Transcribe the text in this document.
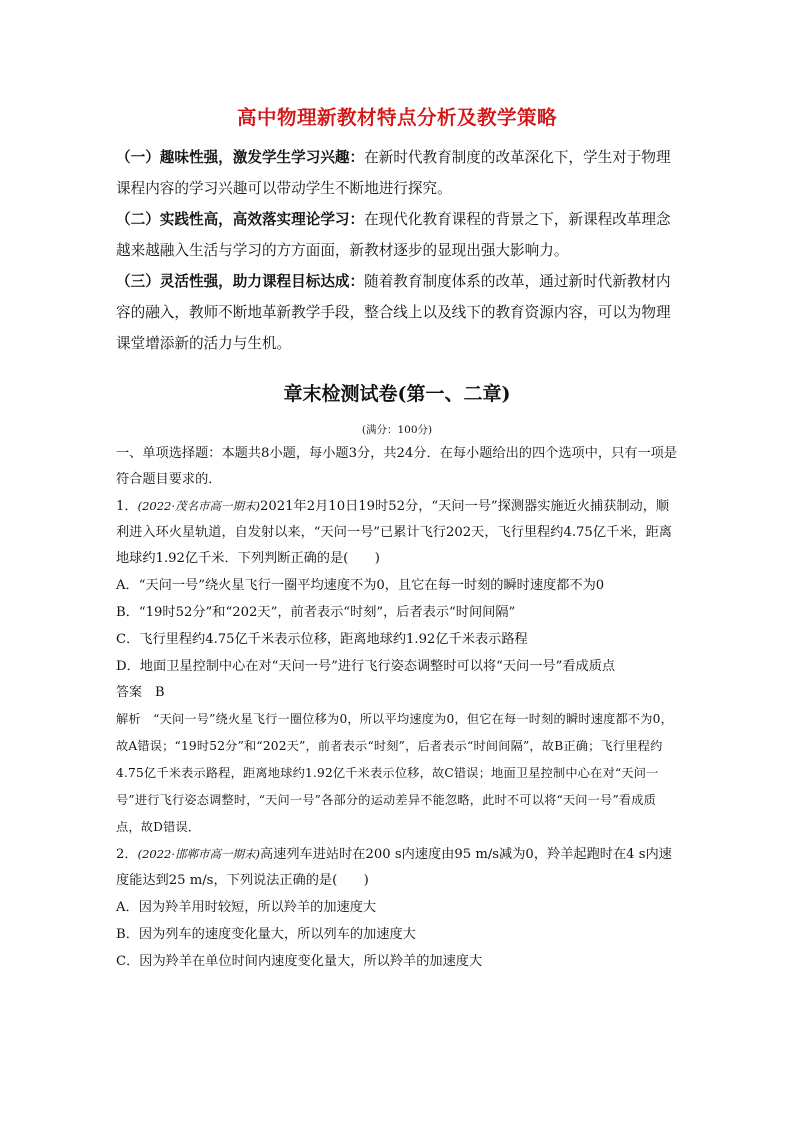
高中物理新教材特点分析及教学策略

（一）趣味性强，激发学生学习兴趣：在新时代教育制度的改革深化下，学生对于物理课程内容的学习兴趣可以带动学生不断地进行探究。

（二）实践性高，高效落实理论学习：在现代化教育课程的背景之下，新课程改革理念越来越融入生活与学习的方方面面，新教材逐步的显现出强大影响力。

（三）灵活性强，助力课程目标达成：随着教育制度体系的改革，通过新时代新教材内容的融入，教师不断地革新教学手段，整合线上以及线下的教育资源内容，可以为物理课堂增添新的活力与生机。

章末检测试卷(第一、二章)

(满分：100分)

一、单项选择题：本题共8小题，每小题3分，共24分．在每小题给出的四个选项中，只有一项是符合题目要求的．

1．(2022·茂名市高一期末)2021年2月10日19时52分，“天问一号”探测器实施近火捕获制动，顺利进入环火星轨道，自发射以来，“天问一号”已累计飞行202天，飞行里程约4.75亿千米，距离地球约1.92亿千米．下列判断正确的是(　　)

A．“天问一号”绕火星飞行一圈平均速度不为0，且它在每一时刻的瞬时速度都不为0

B．“19时52分”和“202天”，前者表示“时刻”，后者表示“时间间隔”

C．飞行里程约4.75亿千米表示位移，距离地球约1.92亿千米表示路程

D．地面卫星控制中心在对“天问一号”进行飞行姿态调整时可以将“天问一号”看成质点

答案　B

解析　“天问一号”绕火星飞行一圈位移为0，所以平均速度为0，但它在每一时刻的瞬时速度都不为0，故A错误；“19时52分”和“202天”，前者表示“时刻”，后者表示“时间间隔”，故B正确；飞行里程约4.75亿千米表示路程，距离地球约1.92亿千米表示位移，故C错误；地面卫星控制中心在对“天问一号”进行飞行姿态调整时，“天问一号”各部分的运动差异不能忽略，此时不可以将“天问一号”看成质点，故D错误．

2．(2022·邯郸市高一期末)高速列车进站时在200 s内速度由95 m/s减为0，羚羊起跑时在4 s内速度能达到25 m/s，下列说法正确的是(　　)

A．因为羚羊用时较短，所以羚羊的加速度大

B．因为列车的速度变化量大，所以列车的加速度大

C．因为羚羊在单位时间内速度变化量大，所以羚羊的加速度大
